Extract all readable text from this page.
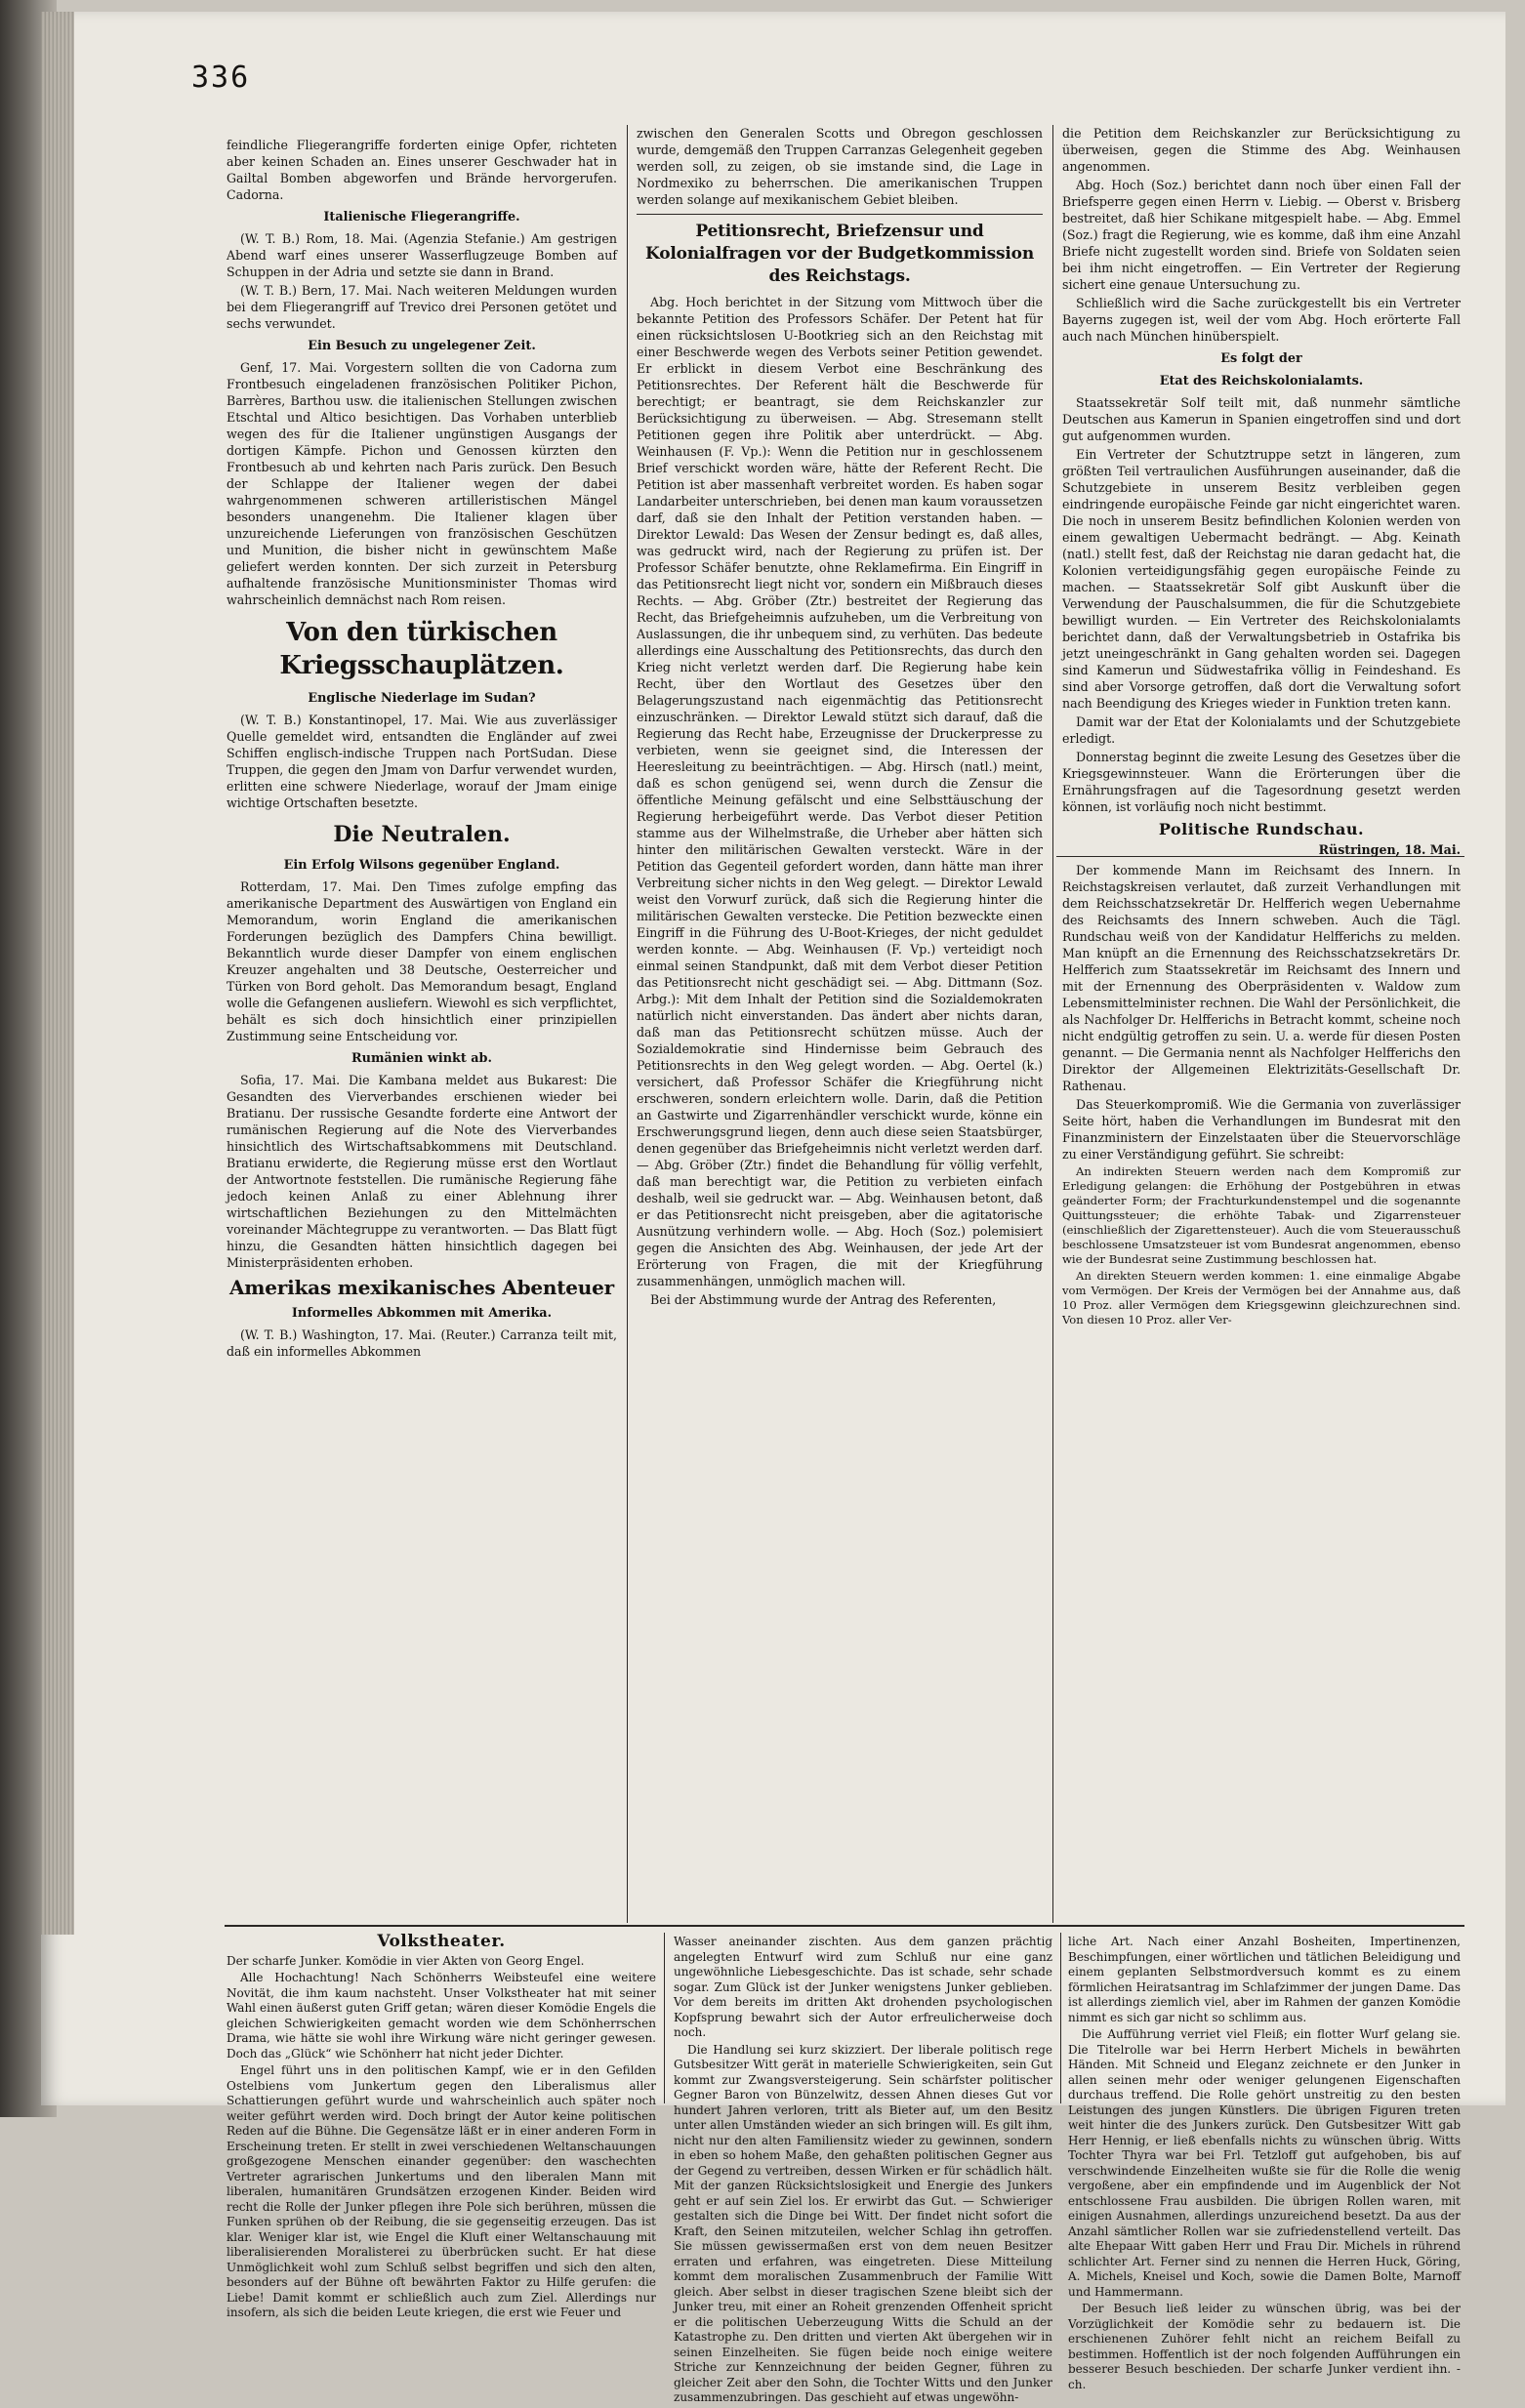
336

feindliche Fliegerangriffe forderten einige Opfer, richteten aber keinen Schaden an. Eines unserer Geschwader hat in Gailtal Bomben abgeworfen und Brände hervorgerufen. Cadorna.

Italienische Fliegerangriffe.

(W. T. B.) Rom, 18. Mai. (Agenzia Stefanie.) Am gestrigen Abend warf eines unserer Wasserflugzeuge Bomben auf Schuppen in der Adria und setzte sie dann in Brand.

(W. T. B.) Bern, 17. Mai. Nach weiteren Meldungen wurden bei dem Fliegerangriff auf Trevico drei Personen getötet und sechs verwundet.

Ein Besuch zu ungelegener Zeit.

Genf, 17. Mai. Vorgestern sollten die von Cadorna zum Frontbesuch eingeladenen französischen Politiker Pichon, Barrères, Barthou usw. die italienischen Stellungen zwischen Etschtal und Altico besichtigen. Das Vorhaben unterblieb wegen des für die Italiener ungünstigen Ausgangs der dortigen Kämpfe. Pichon und Genossen kürzten den Frontbesuch ab und kehrten nach Paris zurück. Den Besuch der Schlappe der Italiener wegen der dabei wahrgenommenen schweren artilleristischen Mängel besonders unangenehm. Die Italiener klagen über unzureichende Lieferungen von französischen Geschützen und Munition, die bisher nicht in gewünschtem Maße geliefert werden konnten. Der sich zurzeit in Petersburg aufhaltende französische Munitionsminister Thomas wird wahrscheinlich demnächst nach Rom reisen.

Von den türkischen Kriegsschauplätzen.
Englische Niederlage im Sudan?

(W. T. B.) Konstantinopel, 17. Mai. Wie aus zuverlässiger Quelle gemeldet wird, entsandten die Engländer auf zwei Schiffen englisch-indische Truppen nach PortSudan. Diese Truppen, die gegen den Jmam von Darfur verwendet wurden, erlitten eine schwere Niederlage, worauf der Jmam einige wichtige Ortschaften besetzte.

Die Neutralen.
Ein Erfolg Wilsons gegenüber England.

Rotterdam, 17. Mai. Den Times zufolge empfing das amerikanische Department des Auswärtigen von England ein Memorandum, worin England die amerikanischen Forderungen bezüglich des Dampfers China bewilligt. Bekanntlich wurde dieser Dampfer von einem englischen Kreuzer angehalten und 38 Deutsche, Oesterreicher und Türken von Bord geholt. Das Memorandum besagt, England wolle die Gefangenen ausliefern. Wiewohl es sich verpflichtet, behält es sich doch hinsichtlich einer prinzipiellen Zustimmung seine Entscheidung vor.

Rumänien winkt ab.

Sofia, 17. Mai. Die Kambana meldet aus Bukarest: Die Gesandten des Vierverbandes erschienen wieder bei Bratianu. Der russische Gesandte forderte eine Antwort der rumänischen Regierung auf die Note des Vierverbandes hinsichtlich des Wirtschaftsabkommens mit Deutschland. Bratianu erwiderte, die Regierung müsse erst den Wortlaut der Antwortnote feststellen. Die rumänische Regierung fähe jedoch keinen Anlaß zu einer Ablehnung ihrer wirtschaftlichen Beziehungen zu den Mittelmächten voreinander Mächtegruppe zu verantworten. — Das Blatt fügt hinzu, die Gesandten hätten hinsichtlich dagegen bei Ministerpräsidenten erhoben.

Amerikas mexikanisches Abenteuer
Informelles Abkommen mit Amerika.

(W. T. B.) Washington, 17. Mai. (Reuter.) Carranza teilt mit, daß ein informelles Abkommen

zwischen den Generalen Scotts und Obregon geschlossen wurde, demgemäß den Truppen Carranzas Gelegenheit gegeben werden soll, zu zeigen, ob sie imstande sind, die Lage in Nordmexiko zu beherrschen. Die amerikanischen Truppen werden solange auf mexikanischem Gebiet bleiben.

Petitionsrecht, Briefzensur und Kolonialfragen vor der Budgetkommission des Reichstags.

Abg. Hoch berichtet in der Sitzung vom Mittwoch über die bekannte Petition des Professors Schäfer. Der Petent hat für einen rücksichtslosen U-Bootkrieg sich an den Reichstag mit einer Beschwerde wegen des Verbots seiner Petition gewendet. Er erblickt in diesem Verbot eine Beschränkung des Petitionsrechtes. Der Referent hält die Beschwerde für berechtigt; er beantragt, sie dem Reichskanzler zur Berücksichtigung zu überweisen. — Abg. Stresemann stellt Petitionen gegen ihre Politik aber unterdrückt. — Abg. Weinhausen (F. Vp.): Wenn die Petition nur in geschlossenem Brief verschickt worden wäre, hätte der Referent Recht. Die Petition ist aber massenhaft verbreitet worden. Es haben sogar Landarbeiter unterschrieben, bei denen man kaum voraussetzen darf, daß sie den Inhalt der Petition verstanden haben. — Direktor Lewald: Das Wesen der Zensur bedingt es, daß alles, was gedruckt wird, nach der Regierung zu prüfen ist. Der Professor Schäfer benutzte, ohne Reklamefirma. Ein Eingriff in das Petitionsrecht liegt nicht vor, sondern ein Mißbrauch dieses Rechts. — Abg. Gröber (Ztr.) bestreitet der Regierung das Recht, das Briefgeheimnis aufzuheben, um die Verbreitung von Auslassungen, die ihr unbequem sind, zu verhüten. Das bedeute allerdings eine Ausschaltung des Petitionsrechts, das durch den Krieg nicht verletzt werden darf. Die Regierung habe kein Recht, über den Wortlaut des Gesetzes über den Belagerungszustand nach eigenmächtig das Petitionsrecht einzuschränken. — Direktor Lewald stützt sich darauf, daß die Regierung das Recht habe, Erzeugnisse der Druckerpresse zu verbieten, wenn sie geeignet sind, die Interessen der Heeresleitung zu beeinträchtigen. — Abg. Hirsch (natl.) meint, daß es schon genügend sei, wenn durch die Zensur die öffentliche Meinung gefälscht und eine Selbsttäuschung der Regierung herbeigeführt werde. Das Verbot dieser Petition stamme aus der Wilhelmstraße, die Urheber aber hätten sich hinter den militärischen Gewalten versteckt. Wäre in der Petition das Gegenteil gefordert worden, dann hätte man ihrer Verbreitung sicher nichts in den Weg gelegt. — Direktor Lewald weist den Vorwurf zurück, daß sich die Regierung hinter die militärischen Gewalten verstecke. Die Petition bezweckte einen Eingriff in die Führung des U-Boot-Krieges, der nicht geduldet werden konnte. — Abg. Weinhausen (F. Vp.) verteidigt noch einmal seinen Standpunkt, daß mit dem Verbot dieser Petition das Petitionsrecht nicht geschädigt sei. — Abg. Dittmann (Soz. Arbg.): Mit dem Inhalt der Petition sind die Sozialdemokraten natürlich nicht einverstanden. Das ändert aber nichts daran, daß man das Petitionsrecht schützen müsse. Auch der Sozialdemokratie sind Hindernisse beim Gebrauch des Petitionsrechts in den Weg gelegt worden. — Abg. Oertel (k.) versichert, daß Professor Schäfer die Kriegführung nicht erschweren, sondern erleichtern wolle. Darin, daß die Petition an Gastwirte und Zigarrenhändler verschickt wurde, könne ein Erschwerungsgrund liegen, denn auch diese seien Staatsbürger, denen gegenüber das Briefgeheimnis nicht verletzt werden darf. — Abg. Gröber (Ztr.) findet die Behandlung für völlig verfehlt, daß man berechtigt war, die Petition zu verbieten einfach deshalb, weil sie gedruckt war. — Abg. Weinhausen betont, daß er das Petitionsrecht nicht preisgeben, aber die agitatorische Ausnützung verhindern wolle. — Abg. Hoch (Soz.) polemisiert gegen die Ansichten des Abg. Weinhausen, der jede Art der Erörterung von Fragen, die mit der Kriegführung zusammenhängen, unmöglich machen will.

Bei der Abstimmung wurde der Antrag des Referenten,

die Petition dem Reichskanzler zur Berücksichtigung zu überweisen, gegen die Stimme des Abg. Weinhausen angenommen.

Abg. Hoch (Soz.) berichtet dann noch über einen Fall der Briefsperre gegen einen Herrn v. Liebig. — Oberst v. Brisberg bestreitet, daß hier Schikane mitgespielt habe. — Abg. Emmel (Soz.) fragt die Regierung, wie es komme, daß ihm eine Anzahl Briefe nicht zugestellt worden sind. Briefe von Soldaten seien bei ihm nicht eingetroffen. — Ein Vertreter der Regierung sichert eine genaue Untersuchung zu.

Schließlich wird die Sache zurückgestellt bis ein Vertreter Bayerns zugegen ist, weil der vom Abg. Hoch erörterte Fall auch nach München hinüberspielt.

Es folgt der
Etat des Reichskolonialamts.

Staatssekretär Solf teilt mit, daß nunmehr sämtliche Deutschen aus Kamerun in Spanien eingetroffen sind und dort gut aufgenommen wurden.

Ein Vertreter der Schutztruppe setzt in längeren, zum größten Teil vertraulichen Ausführungen auseinander, daß die Schutzgebiete in unserem Besitz verbleiben gegen eindringende europäische Feinde gar nicht eingerichtet waren. Die noch in unserem Besitz befindlichen Kolonien werden von einem gewaltigen Uebermacht bedrängt. — Abg. Keinath (natl.) stellt fest, daß der Reichstag nie daran gedacht hat, die Kolonien verteidigungsfähig gegen europäische Feinde zu machen. — Staatssekretär Solf gibt Auskunft über die Verwendung der Pauschalsummen, die für die Schutzgebiete bewilligt wurden. — Ein Vertreter des Reichskolonialamts berichtet dann, daß der Verwaltungsbetrieb in Ostafrika bis jetzt uneingeschränkt in Gang gehalten worden sei. Dagegen sind Kamerun und Südwestafrika völlig in Feindeshand. Es sind aber Vorsorge getroffen, daß dort die Verwaltung sofort nach Beendigung des Krieges wieder in Funktion treten kann.

Damit war der Etat der Kolonialamts und der Schutzgebiete erledigt.

Donnerstag beginnt die zweite Lesung des Gesetzes über die Kriegsgewinnsteuer. Wann die Erörterungen über die Ernährungsfragen auf die Tagesordnung gesetzt werden können, ist vorläufig noch nicht bestimmt.

Politische Rundschau.
Rüstringen, 18. Mai.

Der kommende Mann im Reichsamt des Innern. In Reichstagskreisen verlautet, daß zurzeit Verhandlungen mit dem Reichsschatzsekretär Dr. Helfferich wegen Uebernahme des Reichsamts des Innern schweben. Auch die Tägl. Rundschau weiß von der Kandidatur Helfferichs zu melden. Man knüpft an die Ernennung des Reichsschatzsekretärs Dr. Helfferich zum Staatssekretär im Reichsamt des Innern und mit der Ernennung des Oberpräsidenten v. Waldow zum Lebensmittelminister rechnen. Die Wahl der Persönlichkeit, die als Nachfolger Dr. Helfferichs in Betracht kommt, scheine noch nicht endgültig getroffen zu sein. U. a. werde für diesen Posten genannt. — Die Germania nennt als Nachfolger Helfferichs den Direktor der Allgemeinen Elektrizitäts-Gesellschaft Dr. Rathenau.

Das Steuerkompromiß. Wie die Germania von zuverlässiger Seite hört, haben die Verhandlungen im Bundesrat mit den Finanzministern der Einzelstaaten über die Steuervorschläge zu einer Verständigung geführt. Sie schreibt:

An indirekten Steuern werden nach dem Kompromiß zur Erledigung gelangen: die Erhöhung der Postgebühren in etwas geänderter Form; der Frachturkundenstempel und die sogenannte Quittungssteuer; die erhöhte Tabak- und Zigarrensteuer (einschließlich der Zigarettensteuer). Auch die vom Steuerausschuß beschlossene Umsatzsteuer ist vom Bundesrat angenommen, ebenso wie der Bundesrat seine Zustimmung beschlossen hat.

An direkten Steuern werden kommen: 1. eine einmalige Abgabe vom Vermögen. Der Kreis der Vermögen bei der Annahme aus, daß 10 Proz. aller Vermögen dem Kriegsgewinn gleichzurechnen sind. Von diesen 10 Proz. aller Ver-

Volkstheater.

Der scharfe Junker. Komödie in vier Akten von Georg Engel.

Alle Hochachtung! Nach Schönherrs Weibsteufel eine weitere Novität, die ihm kaum nachsteht. Unser Volkstheater hat mit seiner Wahl einen äußerst guten Griff getan; wären dieser Komödie Engels die gleichen Schwierigkeiten gemacht worden wie dem Schönherrschen Drama, wie hätte sie wohl ihre Wirkung wäre nicht geringer gewesen. Doch das „Glück“ wie Schönherr hat nicht jeder Dichter.

Engel führt uns in den politischen Kampf, wie er in den Gefilden Ostelbiens vom Junkertum gegen den Liberalismus aller Schattierungen geführt wurde und wahrscheinlich auch später noch weiter geführt werden wird. Doch bringt der Autor keine politischen Reden auf die Bühne. Die Gegensätze läßt er in einer anderen Form in Erscheinung treten. Er stellt in zwei verschiedenen Weltanschauungen großgezogene Menschen einander gegenüber: den waschechten Vertreter agrarischen Junkertums und den liberalen Mann mit liberalen, humanitären Grundsätzen erzogenen Kinder. Beiden wird recht die Rolle der Junker pflegen ihre Pole sich berühren, müssen die Funken sprühen ob der Reibung, die sie gegenseitig erzeugen. Das ist klar. Weniger klar ist, wie Engel die Kluft einer Weltanschauung mit liberalisierenden Moralisterei zu überbrücken sucht. Er hat diese Unmöglichkeit wohl zum Schluß selbst begriffen und sich den alten, besonders auf der Bühne oft bewährten Faktor zu Hilfe gerufen: die Liebe! Damit kommt er schließlich auch zum Ziel. Allerdings nur insofern, als sich die beiden Leute kriegen, die erst wie Feuer und

Wasser aneinander zischten. Aus dem ganzen prächtig angelegten Entwurf wird zum Schluß nur eine ganz ungewöhnliche Liebesgeschichte. Das ist schade, sehr schade sogar. Zum Glück ist der Junker wenigstens Junker geblieben. Vor dem bereits im dritten Akt drohenden psychologischen Kopfsprung bewahrt sich der Autor erfreulicherweise doch noch.

Die Handlung sei kurz skizziert. Der liberale politisch rege Gutsbesitzer Witt gerät in materielle Schwierigkeiten, sein Gut kommt zur Zwangsversteigerung. Sein schärfster politischer Gegner Baron von Bünzelwitz, dessen Ahnen dieses Gut vor hundert Jahren verloren, tritt als Bieter auf, um den Besitz unter allen Umständen wieder an sich bringen will. Es gilt ihm, nicht nur den alten Familiensitz wieder zu gewinnen, sondern in eben so hohem Maße, den gehaßten politischen Gegner aus der Gegend zu vertreiben, dessen Wirken er für schädlich hält. Mit der ganzen Rücksichtslosigkeit und Energie des Junkers geht er auf sein Ziel los. Er erwirbt das Gut. — Schwieriger gestalten sich die Dinge bei Witt. Der findet nicht sofort die Kraft, den Seinen mitzuteilen, welcher Schlag ihn getroffen. Sie müssen gewissermaßen erst von dem neuen Besitzer erraten und erfahren, was eingetreten. Diese Mitteilung kommt dem moralischen Zusammenbruch der Familie Witt gleich. Aber selbst in dieser tragischen Szene bleibt sich der Junker treu, mit einer an Roheit grenzenden Offenheit spricht er die politischen Ueberzeugung Witts die Schuld an der Katastrophe zu. Den dritten und vierten Akt übergehen wir in seinen Einzelheiten. Sie fügen beide noch einige weitere Striche zur Kennzeichnung der beiden Gegner, führen zu gleicher Zeit aber den Sohn, die Tochter Witts und den Junker zusammenzubringen. Das geschieht auf etwas ungewöhn-

liche Art. Nach einer Anzahl Bosheiten, Impertinenzen, Beschimpfungen, einer wörtlichen und tätlichen Beleidigung und einem geplanten Selbstmordversuch kommt es zu einem förmlichen Heiratsantrag im Schlafzimmer der jungen Dame. Das ist allerdings ziemlich viel, aber im Rahmen der ganzen Komödie nimmt es sich gar nicht so schlimm aus.

Die Aufführung verriet viel Fleiß; ein flotter Wurf gelang sie. Die Titelrolle war bei Herrn Herbert Michels in bewährten Händen. Mit Schneid und Eleganz zeichnete er den Junker in allen seinen mehr oder weniger gelungenen Eigenschaften durchaus treffend. Die Rolle gehört unstreitig zu den besten Leistungen des jungen Künstlers. Die übrigen Figuren treten weit hinter die des Junkers zurück. Den Gutsbesitzer Witt gab Herr Hennig, er ließ ebenfalls nichts zu wünschen übrig. Witts Tochter Thyra war bei Frl. Tetzloff gut aufgehoben, bis auf verschwindende Einzelheiten wußte sie für die Rolle die wenig vergoßene, aber ein empfindende und im Augenblick der Not entschlossene Frau ausbilden. Die übrigen Rollen waren, mit einigen Ausnahmen, allerdings unzureichend besetzt. Da aus der Anzahl sämtlicher Rollen war sie zufriedenstellend verteilt. Das alte Ehepaar Witt gaben Herr und Frau Dir. Michels in rührend schlichter Art. Ferner sind zu nennen die Herren Huck, Göring, A. Michels, Kneisel und Koch, sowie die Damen Bolte, Marnoff und Hammermann.

Der Besuch ließ leider zu wünschen übrig, was bei der Vorzüglichkeit der Komödie sehr zu bedauern ist. Die erschienenen Zuhörer fehlt nicht an reichem Beifall zu bestimmen. Hoffentlich ist der noch folgenden Aufführungen ein besserer Besuch beschieden. Der scharfe Junker verdient ihn. -ch.
